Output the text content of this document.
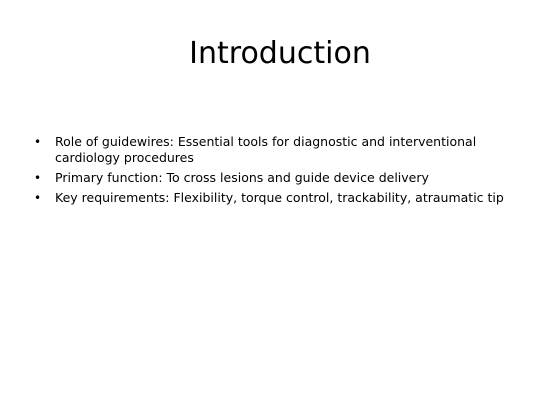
Introduction
• Role of guidewires: Essential tools for diagnostic and interventional cardiology procedures
• Primary function: To cross lesions and guide device delivery
• Key requirements: Flexibility, torque control, trackability, atraumatic tip
